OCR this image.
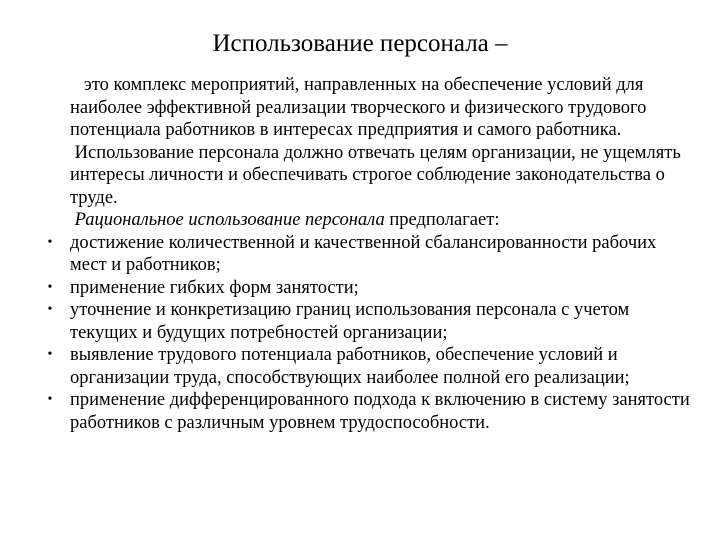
Использование персонала –

это комплекс мероприятий, направленных на обеспечение условий для наиболее эффективной реализации творческого и физического трудового потенциала работников в интересах предприятия и самого работника.

Использование персонала должно отвечать целям организации, не ущемлять интересы личности и обеспечивать строгое соблюдение законодательства о труде.

Рациональное использование персонала предполагает:

• достижение количественной и качественной сбалансированности рабочих мест и работников;
• применение гибких форм занятости;
• уточнение и конкретизацию границ использования персонала с учетом текущих и будущих потребностей организации;
• выявление трудового потенциала работников, обеспечение условий и организации труда, способствующих наиболее полной его реализации;
• применение дифференцированного подхода к включению в систему занятости работников с различным уровнем трудоспособности.
